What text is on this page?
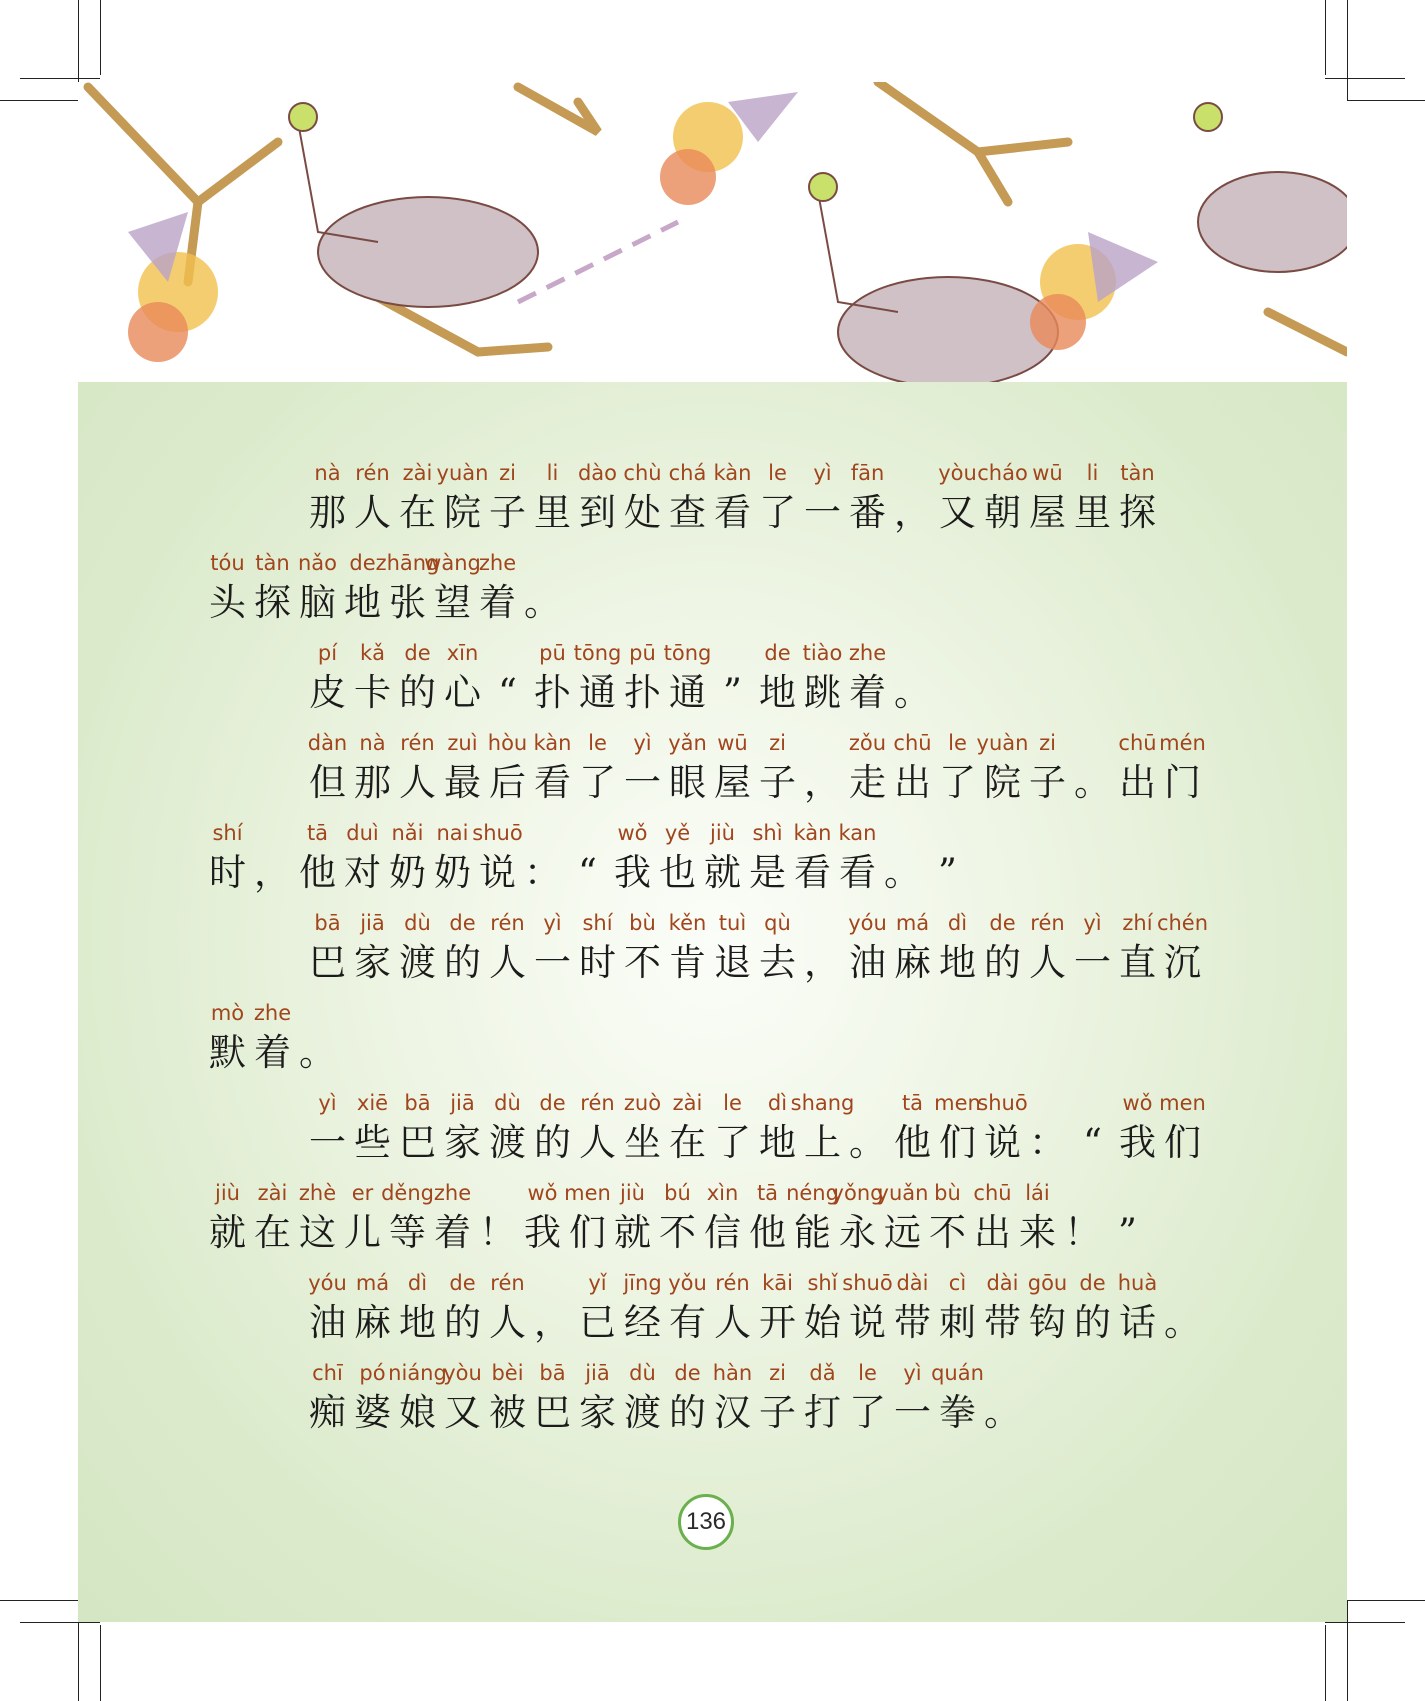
nà
那
rén
人
zài
在
yuàn
院
zi
子
li
里
dào
到
chù
处
chá
查
kàn
看
le
了
yì
一
fān
番 ，
yòu
又
cháo
朝
wū
屋
li
里
tàn
探
tóu
头
tàn
探
nǎo
脑
de
地
zhāng
张
wàng
望
zhe
着 。
pí
皮
kǎ
卡
de
的
xīn
心 “
pū
扑
tōng
通
pū
扑
tōng
通 ”
de
地
tiào
跳
zhe
着 。
dàn
但
nà
那
rén
人
zuì
最
hòu
后
kàn
看
le
了
yì
一
yǎn
眼
wū
屋
zi
子 ，
zǒu
走
chū
出
le
了
yuàn
院
zi
子 。
chū
出
mén
门
shí
时 ，
tā
他
duì
对
nǎi
奶
nai
奶
shuō
说 ： “
wǒ
我
yě
也
jiù
就
shì
是
kàn
看
kan
看 。 ”
bā
巴
jiā
家
dù
渡
de
的
rén
人
yì
一
shí
时
bù
不
kěn
肯
tuì
退
qù
去 ，
yóu
油
má
麻
dì
地
de
的
rén
人
yì
一
zhí
直
chén
沉
mò
默
zhe
着 。
yì
一
xiē
些
bā
巴
jiā
家
dù
渡
de
的
rén
人
zuò
坐
zài
在
le
了
dì
地
shang
上 。
tā
他
men
们
shuō
说 ： “
wǒ
我
men
们
jiù
就
zài
在
zhè
这
er
儿
děng
等
zhe
着 ！
wǒ
我
men
们
jiù
就
bú
不
xìn
信
tā
他
néng
能
yǒng
永
yuǎn
远
bù
不
chū
出
lái
来 ！ ”
yóu
油
má
麻
dì
地
de
的
rén
人 ，
yǐ
已
jīng
经
yǒu
有
rén
人
kāi
开
shǐ
始
shuō
说
dài
带
cì
刺
dài
带
gōu
钩
de
的
huà
话 。
chī
痴
pó
婆
niáng
娘
yòu
又
bèi
被
bā
巴
jiā
家
dù
渡
de
的
hàn
汉
zi
子
dǎ
打
le
了
yì
一
quán
拳 。
136
